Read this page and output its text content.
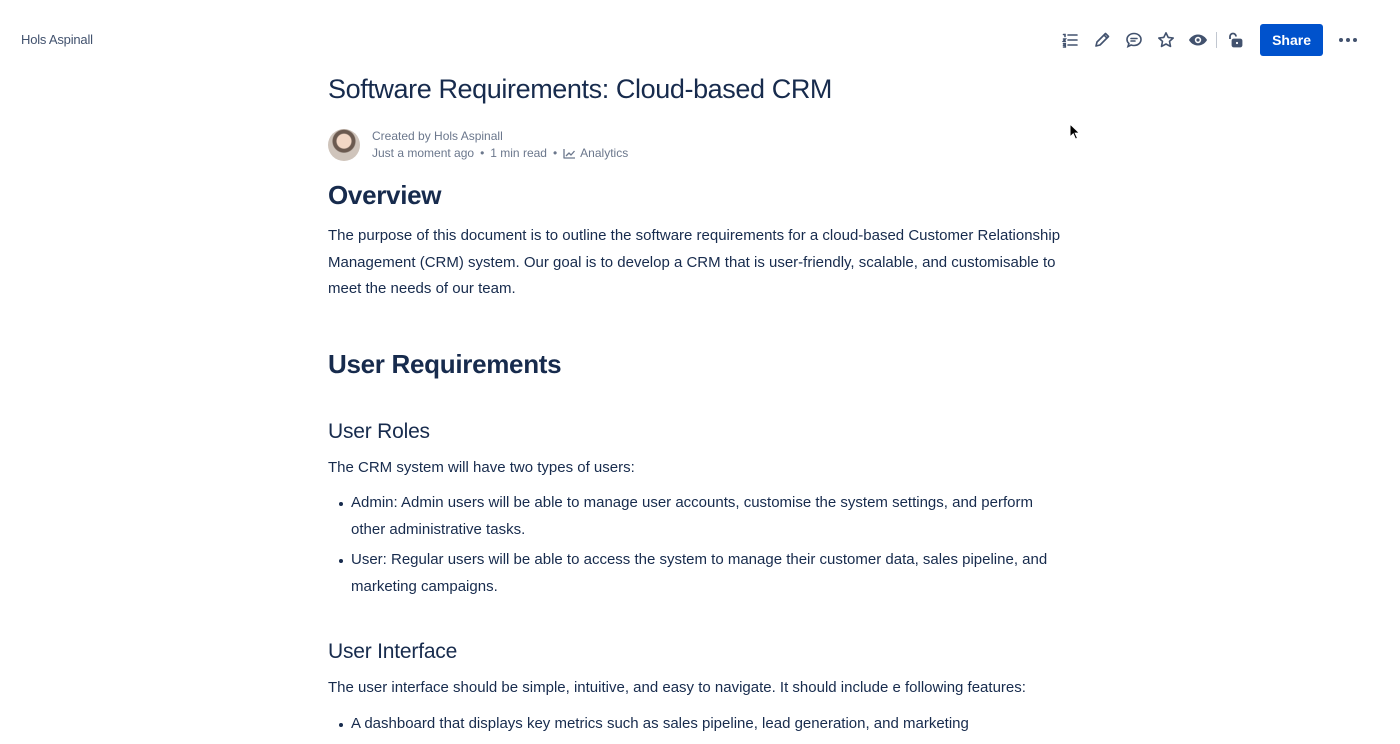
Hols Aspinall	Share
Software Requirements: Cloud-based CRM
Created by Hols Aspinall
Just a moment ago • 1 min read • Analytics
Overview

The purpose of this document is to outline the software requirements for a cloud-based Customer Relationship Management (CRM) system. Our goal is to develop a CRM that is user-friendly, scalable, and customisable to meet the needs of our team.

User Requirements
User Roles

The CRM system will have two types of users:

Admin: Admin users will be able to manage user accounts, customise the system settings, and perform other administrative tasks.
User: Regular users will be able to access the system to manage their customer data, sales pipeline, and marketing campaigns.
User Interface

The user interface should be simple, intuitive, and easy to navigate. It should include e following features:

A dashboard that displays key metrics such as sales pipeline, lead generation, and marketing
